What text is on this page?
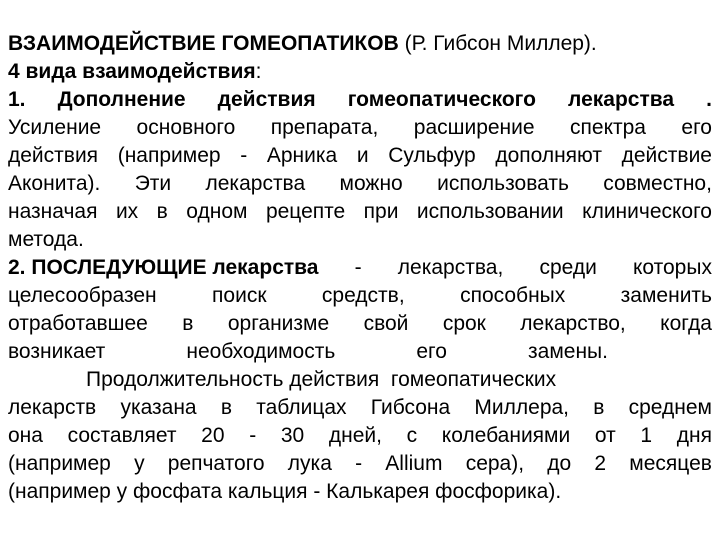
ВЗАИМОДЕЙСТВИЕ ГОМЕОПАТИКОВ (Р. Гибсон Миллер).
4 вида взаимодействия:
1. Дополнение действия гомеопатического лекарства .
Усиление основного препарата, расширение спектра его
действия (например - Арника и Сульфур дополняют действие
Аконита). Эти лекарства можно использовать совместно,
назначая их в одном рецепте при использовании клинического
метода.
2. ПОСЛЕДУЮЩИЕ лекарства - лекарства, среди которых
целесообразен	поиск	средств,	способных	заменить
отработавшее в организме свой срок лекарство, когда
возникает	необходимость	его	замены.
Продолжительность действия  гомеопатических
лекарств указана в таблицах Гибсона Миллера, в среднем
она составляет 20 - 30 дней, с колебаниями от 1 дня
(например у репчатого лука - Allium сера), до 2 месяцев
(например у фосфата кальция - Калькарея фосфорика).
